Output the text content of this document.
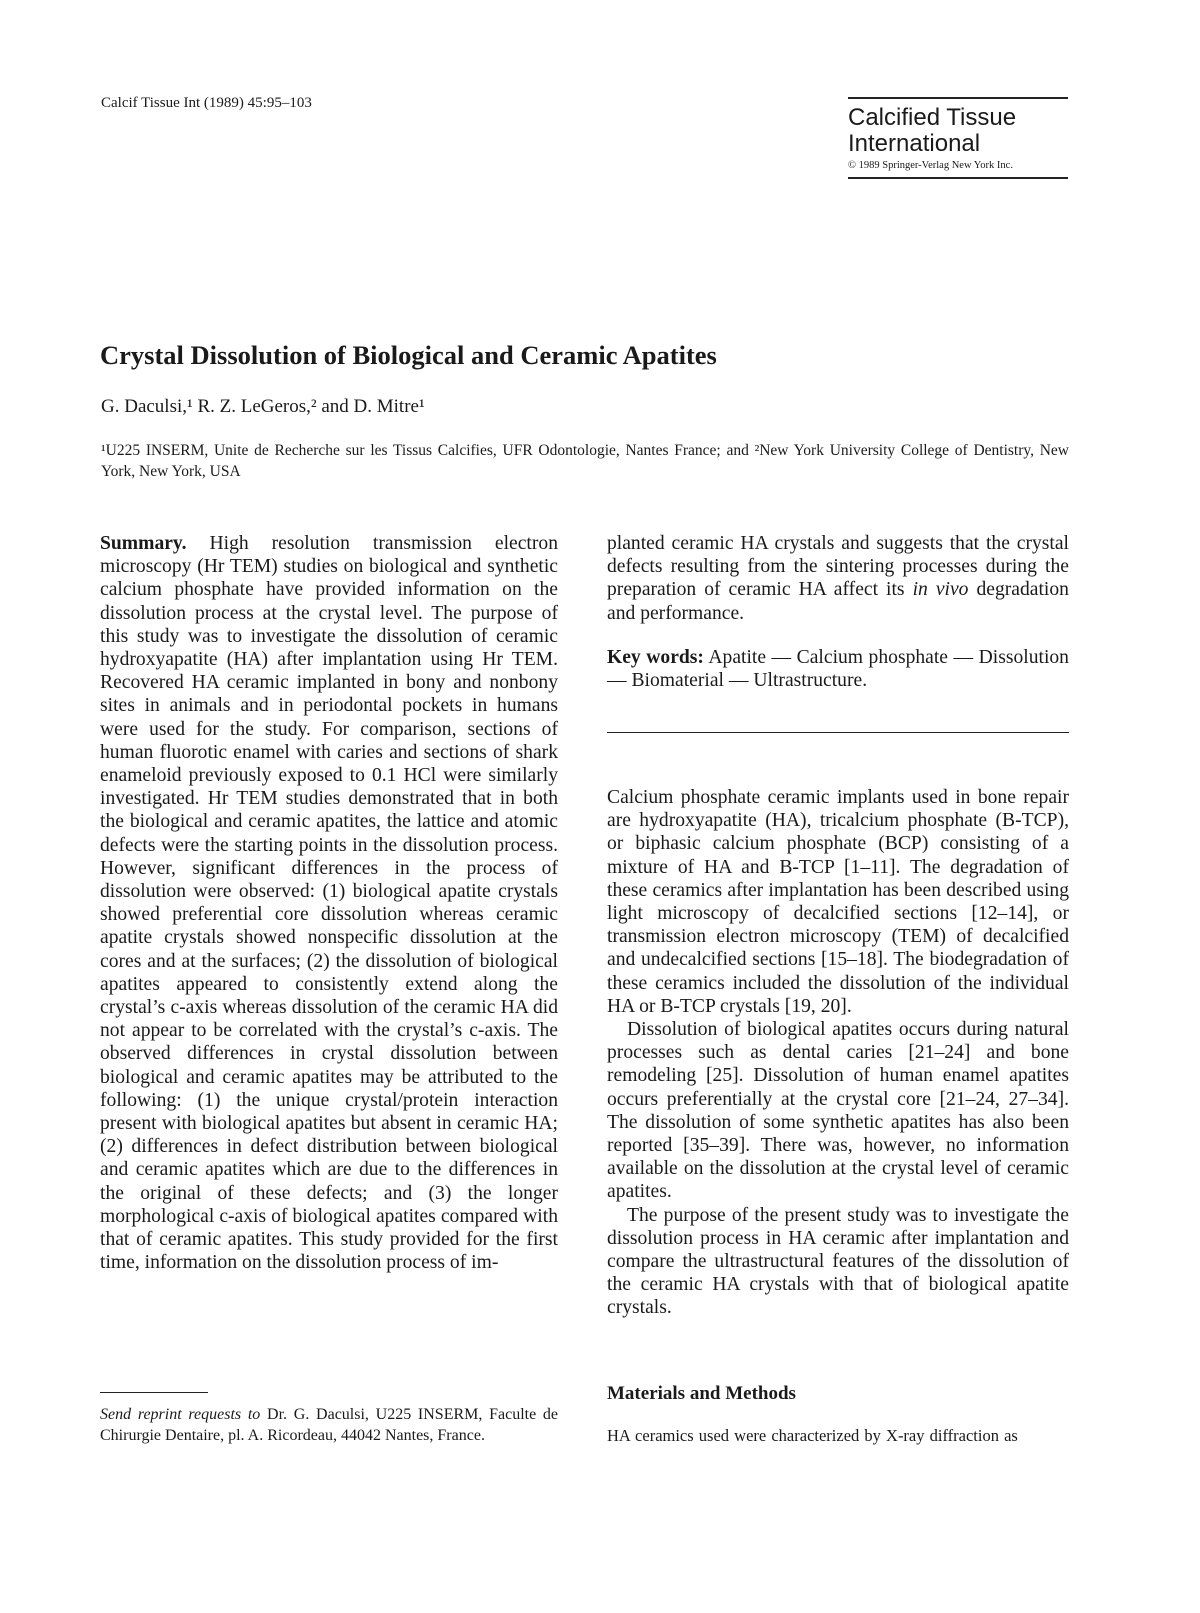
Calcif Tissue Int (1989) 45:95–103
Calcified Tissue
International
© 1989 Springer-Verlag New York Inc.
Crystal Dissolution of Biological and Ceramic Apatites
G. Daculsi,¹ R. Z. LeGeros,² and D. Mitre¹
¹U225 INSERM, Unite de Recherche sur les Tissus Calcifies, UFR Odontologie, Nantes France; and ²New York University College of Dentistry, New York, New York, USA
Summary. High resolution transmission electron microscopy (Hr TEM) studies on biological and synthetic calcium phosphate have provided information on the dissolution process at the crystal level. The purpose of this study was to investigate the dissolution of ceramic hydroxyapatite (HA) after implantation using Hr TEM. Recovered HA ceramic implanted in bony and nonbony sites in animals and in periodontal pockets in humans were used for the study. For comparison, sections of human fluorotic enamel with caries and sections of shark enameloid previously exposed to 0.1 HCl were similarly investigated. Hr TEM studies demonstrated that in both the biological and ceramic apatites, the lattice and atomic defects were the starting points in the dissolution process. However, significant differences in the process of dissolution were observed: (1) biological apatite crystals showed preferential core dissolution whereas ceramic apatite crystals showed nonspecific dissolution at the cores and at the surfaces; (2) the dissolution of biological apatites appeared to consistently extend along the crystal’s c-axis whereas dissolution of the ceramic HA did not appear to be correlated with the crystal’s c-axis. The observed differences in crystal dissolution between biological and ceramic apatites may be attributed to the following: (1) the unique crystal/protein interaction present with biological apatites but absent in ceramic HA; (2) differences in defect distribution between biological and ceramic apatites which are due to the differences in the original of these defects; and (3) the longer morphological c-axis of biological apatites compared with that of ceramic apatites. This study provided for the first time, information on the dissolution process of im-
planted ceramic HA crystals and suggests that the crystal defects resulting from the sintering processes during the preparation of ceramic HA affect its in vivo degradation and performance.
Key words: Apatite — Calcium phosphate — Dissolution — Biomaterial — Ultrastructure.

Calcium phosphate ceramic implants used in bone repair are hydroxyapatite (HA), tricalcium phosphate (B-TCP), or biphasic calcium phosphate (BCP) consisting of a mixture of HA and B-TCP [1–11]. The degradation of these ceramics after implantation has been described using light microscopy of decalcified sections [12–14], or transmission electron microscopy (TEM) of decalcified and undecalcified sections [15–18]. The biodegradation of these ceramics included the dissolution of the individual HA or B-TCP crystals [19, 20].

Dissolution of biological apatites occurs during natural processes such as dental caries [21–24] and bone remodeling [25]. Dissolution of human enamel apatites occurs preferentially at the crystal core [21–24, 27–34]. The dissolution of some synthetic apatites has also been reported [35–39]. There was, however, no information available on the dissolution at the crystal level of ceramic apatites.

The purpose of the present study was to investigate the dissolution process in HA ceramic after implantation and compare the ultrastructural features of the dissolution of the ceramic HA crystals with that of biological apatite crystals.

Materials and Methods
HA ceramics used were characterized by X-ray diffraction as
Send reprint requests to Dr. G. Daculsi, U225 INSERM, Faculte de Chirurgie Dentaire, pl. A. Ricordeau, 44042 Nantes, France.
